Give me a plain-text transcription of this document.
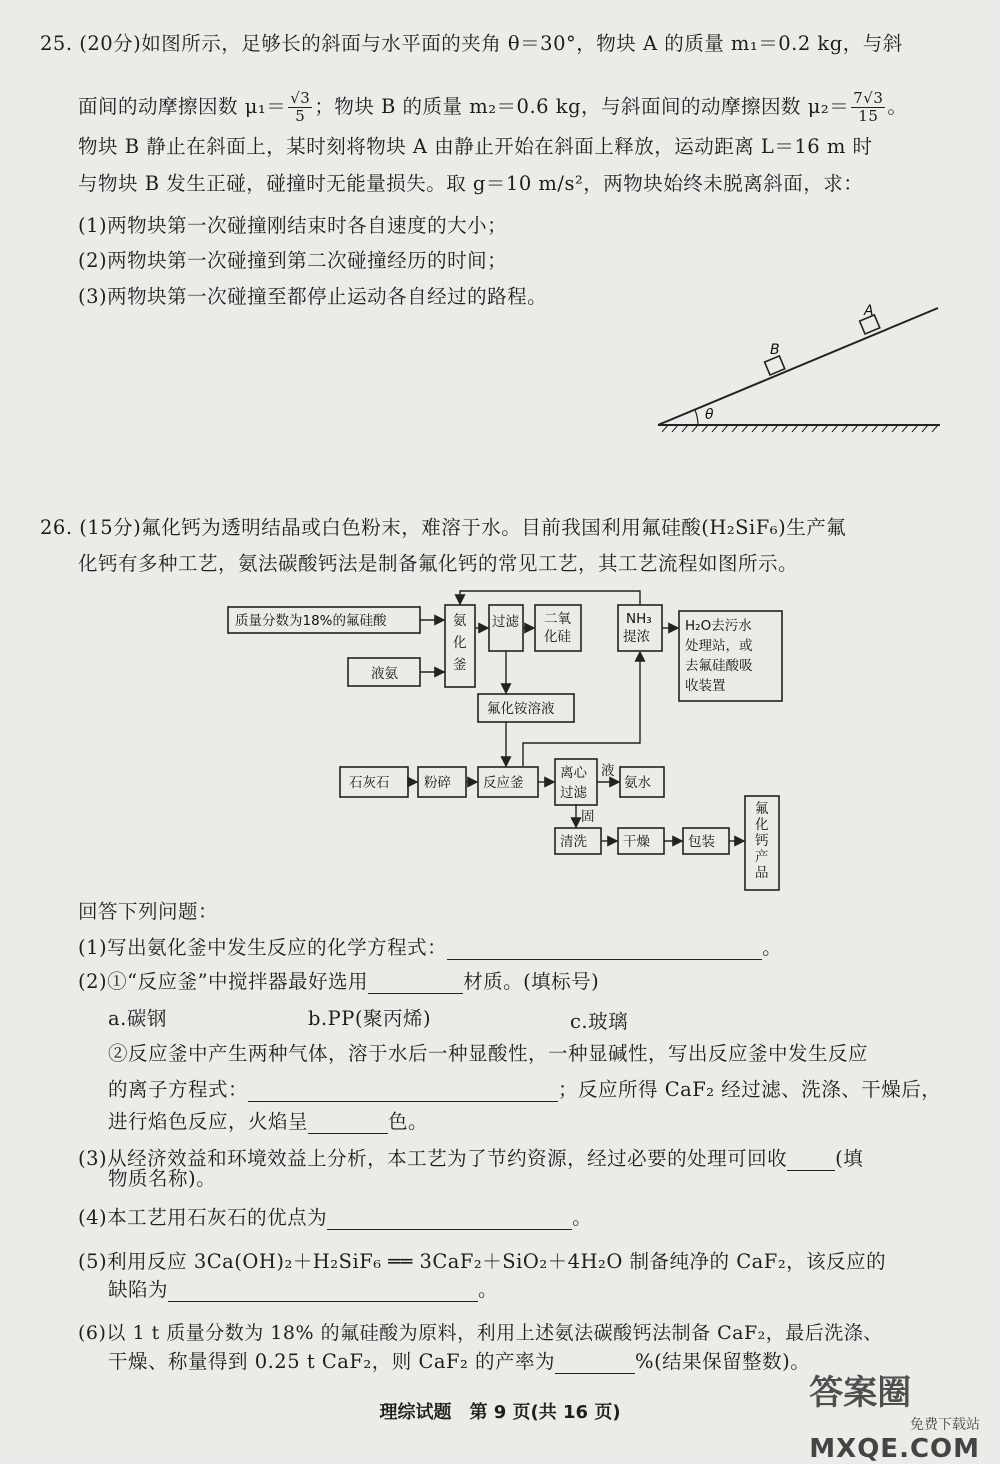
25. (20分)如图所示，足够长的斜面与水平面的夹角 θ＝30°，物块 A 的质量 m₁＝0.2 kg，与斜
面间的动摩擦因数 $\mu_1= \frac{√3}{5}$ ；物块 B 的质量 m₂＝0.6 kg，与斜面间的动摩擦因数 $\mu_2= \frac{7√3}{15}$ 。
物块 B 静止在斜面上，某时刻将物块 A 由静止开始在斜面上释放，运动距离 L＝16 m 时
与物块 B 发生正碰，碰撞时无能量损失。取 g＝10 m/s²，两物块始终未脱离斜面，求：
(1)两物块第一次碰撞刚结束时各自速度的大小；
(2)两物块第一次碰撞到第二次碰撞经历的时间；
(3)两物块第一次碰撞至都停止运动各自经过的路程。
θ
B
A
26. (15分)氟化钙为透明结晶或白色粉末，难溶于水。目前我国利用氟硅酸(H₂SiF₆)生产氟
化钙有多种工艺，氨法碳酸钙法是制备氟化钙的常见工艺，其工艺流程如图所示。
质量分数为18%的氟硅酸
液氨
氨
化
釜
过滤 二氧
化硅
NH₃
提浓
H₂O去污水
处理站，或
去氟硅酸吸
收装置
氟化铵溶液
石灰石	粉碎 反应釜
离心
过滤
液
固
氨水
清洗	干燥	包装
氟
化
钙
产
品
回答下列问题：
(1)写出氨化釜中发生反应的化学方程式：	。
(2)①“反应釜”中搅拌器最好选用	材质。(填标号)
a.碳钢	b.PP(聚丙烯)	c.玻璃
②反应釜中产生两种气体，溶于水后一种显酸性，一种显碱性，写出反应釜中发生反应
的离子方程式：	；反应所得 CaF₂ 经过滤、洗涤、干燥后，
进行焰色反应，火焰呈	色。
(3)从经济效益和环境效益上分析，本工艺为了节约资源，经过必要的处理可回收 (填
物质名称)。
(4)本工艺用石灰石的优点为	。
(5)利用反应 3Ca(OH)₂＋H₂SiF₆ ══ 3CaF₂＋SiO₂＋4H₂O 制备纯净的 CaF₂，该反应的
缺陷为	。
(6)以 1 t 质量分数为 18% 的氟硅酸为原料，利用上述氨法碳酸钙法制备 CaF₂，最后洗涤、
干燥、称量得到 0.25 t CaF₂，则 CaF₂ 的产率为	%(结果保留整数)。
理综试题　第 9 页(共 16 页)	答案圈
免费下载站
MXQE.COM
